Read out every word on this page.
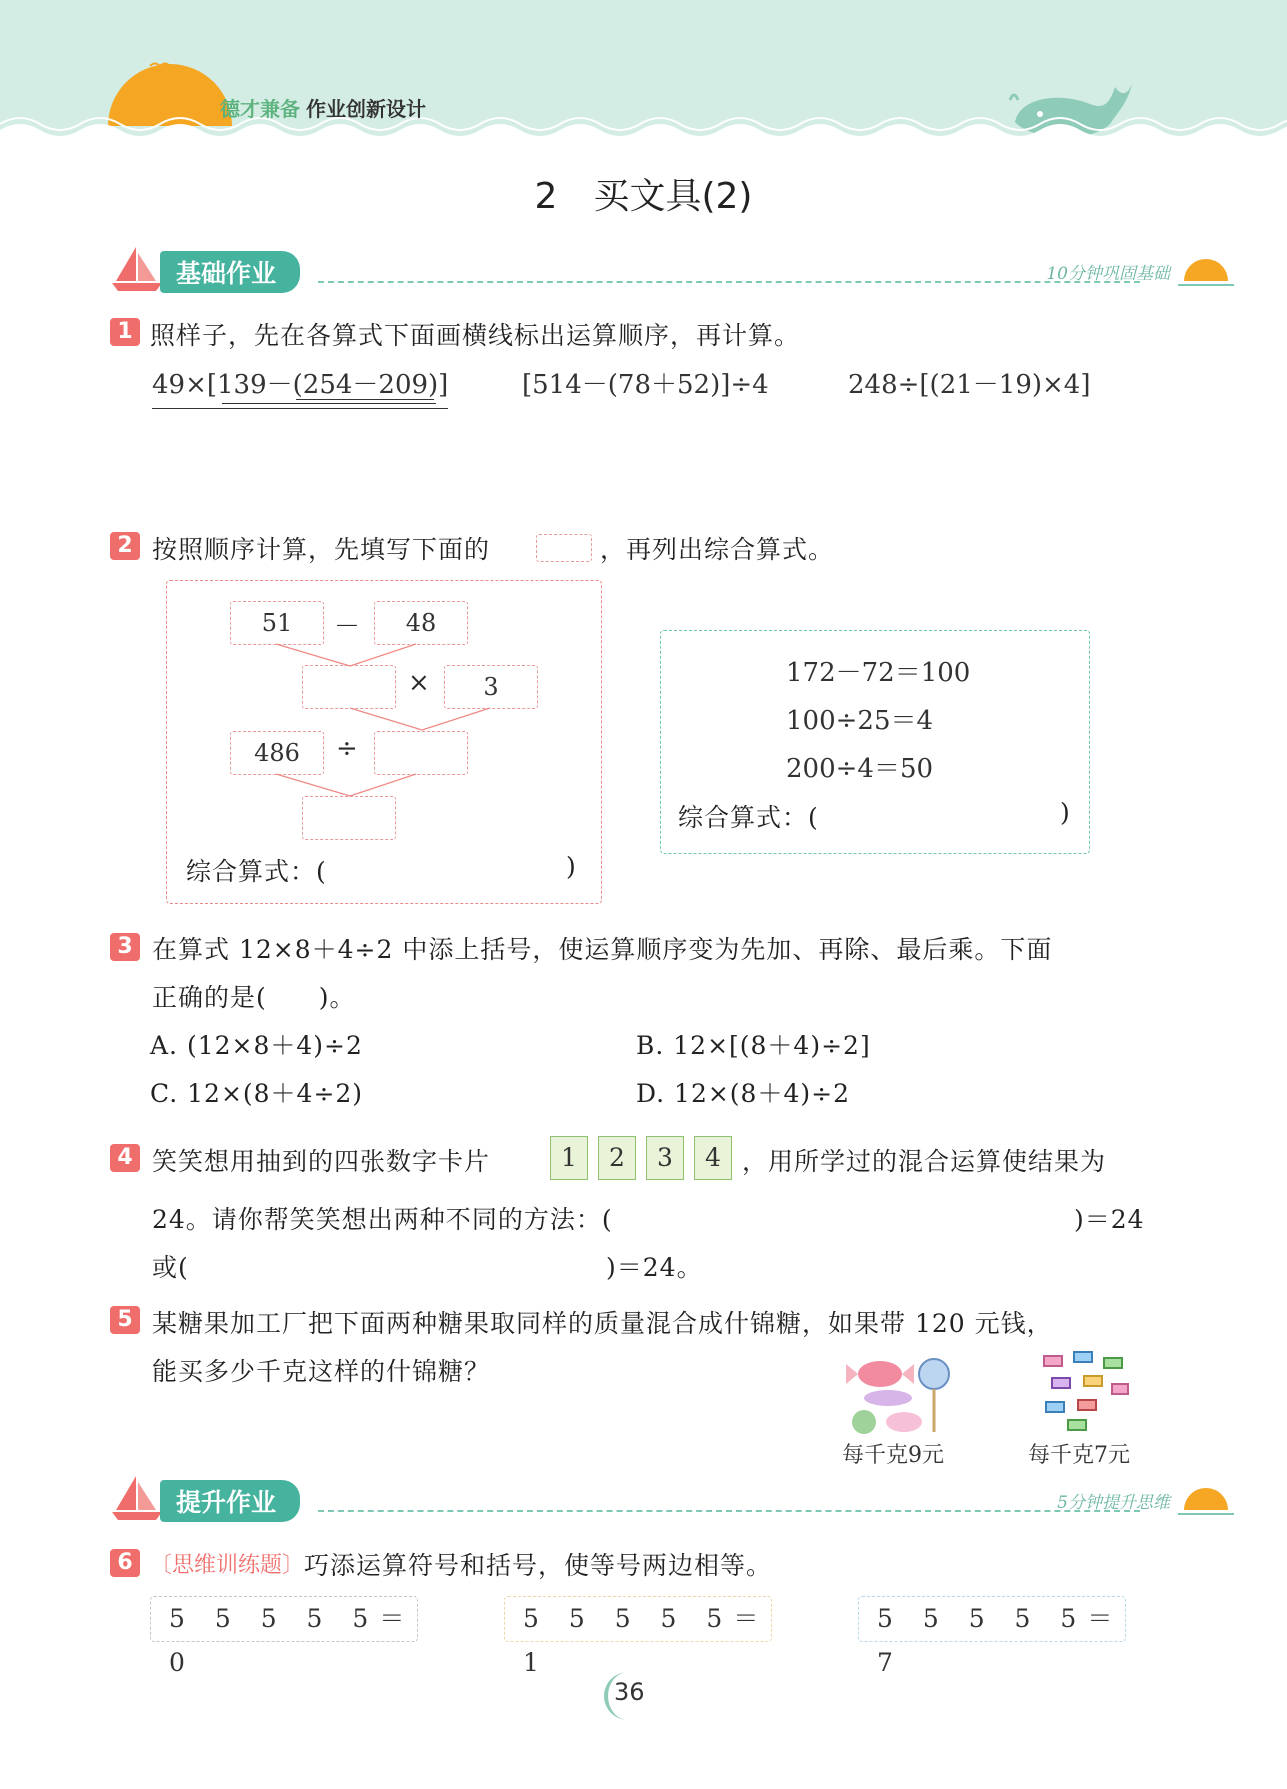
德才兼备 作业创新设计
2　买文具(2)
基础作业	10分钟巩固基础
1 照样子，先在各算式下面画横线标出运算顺序，再计算。
49×[139－(254－209)]	[514－(78＋52)]÷4	248÷[(21－19)×4]
2 按照顺序计算，先填写下面的	，再列出综合算式。
51	－	48
×	3
486	÷
综合算式：(	)
172－72＝100
100÷25＝4
200÷4＝50
综合算式：(	)
3 在算式 12×8＋4÷2 中添上括号，使运算顺序变为先加、再除、最后乘。下面
正确的是(　　)。
A. (12×8＋4)÷2	B. 12×[(8＋4)÷2]
C. 12×(8＋4÷2)	D. 12×(8＋4)÷2
4 笑笑想用抽到的四张数字卡片	1	2	3	4 ，用所学过的混合运算使结果为
24。请你帮笑笑想出两种不同的方法：(	)＝24
或(	)＝24。
5 某糖果加工厂把下面两种糖果取同样的质量混合成什锦糖，如果带 120 元钱，
能买多少千克这样的什锦糖？
每千克9元	每千克7元
提升作业	5分钟提升思维
6 〔思维训练题〕 巧添运算符号和括号，使等号两边相等。
5 5 5 5 5＝0
5 5 5 5 5＝1
5 5 5 5 5＝7
36
